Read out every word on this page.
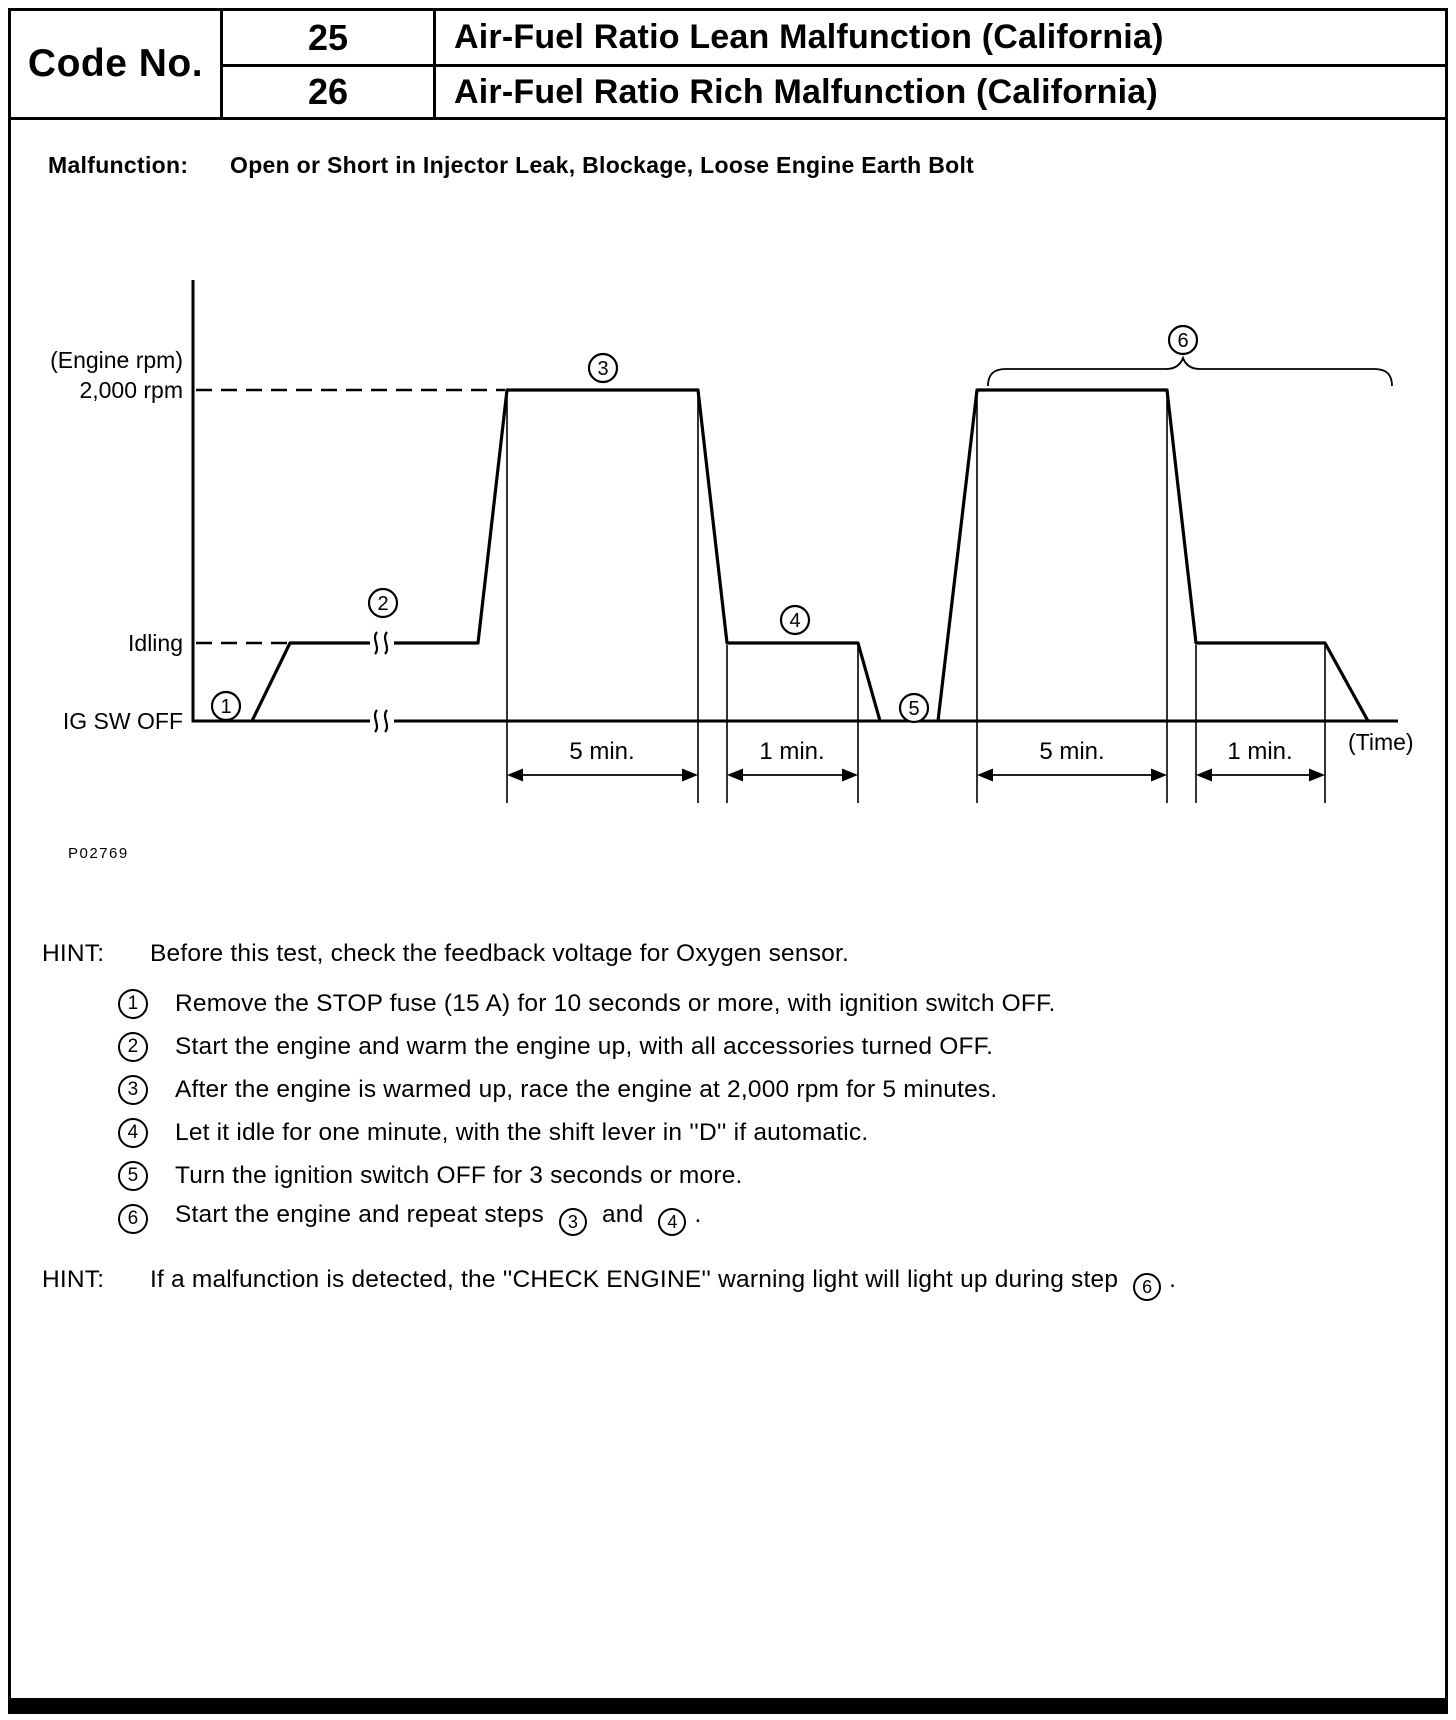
Code No.
25	Air-Fuel Ratio Lean Malfunction (California)
26	Air-Fuel Ratio Rich Malfunction (California)
Malfunction:	Open or Short in Injector Leak, Blockage, Loose Engine Earth Bolt
5 min.	1 min.	5 min.	1 min.
(Engine rpm)
2,000 rpm
Idling
IG SW OFF
(Time)
1
2
3
4
5
6
P02769
HINT:	Before this test, check the feedback voltage for Oxygen sensor.
1	Remove the STOP fuse (15 A) for 10 seconds or more, with ignition switch OFF.
2	Start the engine and warm the engine up, with all accessories turned OFF.
3	After the engine is warmed up, race the engine at 2,000 rpm for 5 minutes.
4	Let it idle for one minute, with the shift lever in ''D'' if automatic.
5	Turn the ignition switch OFF for 3 seconds or more.
6	Start the engine and repeat steps 3 and 4 .
HINT:	If a malfunction is detected, the ''CHECK ENGINE'' warning light will light up during step 6 .
